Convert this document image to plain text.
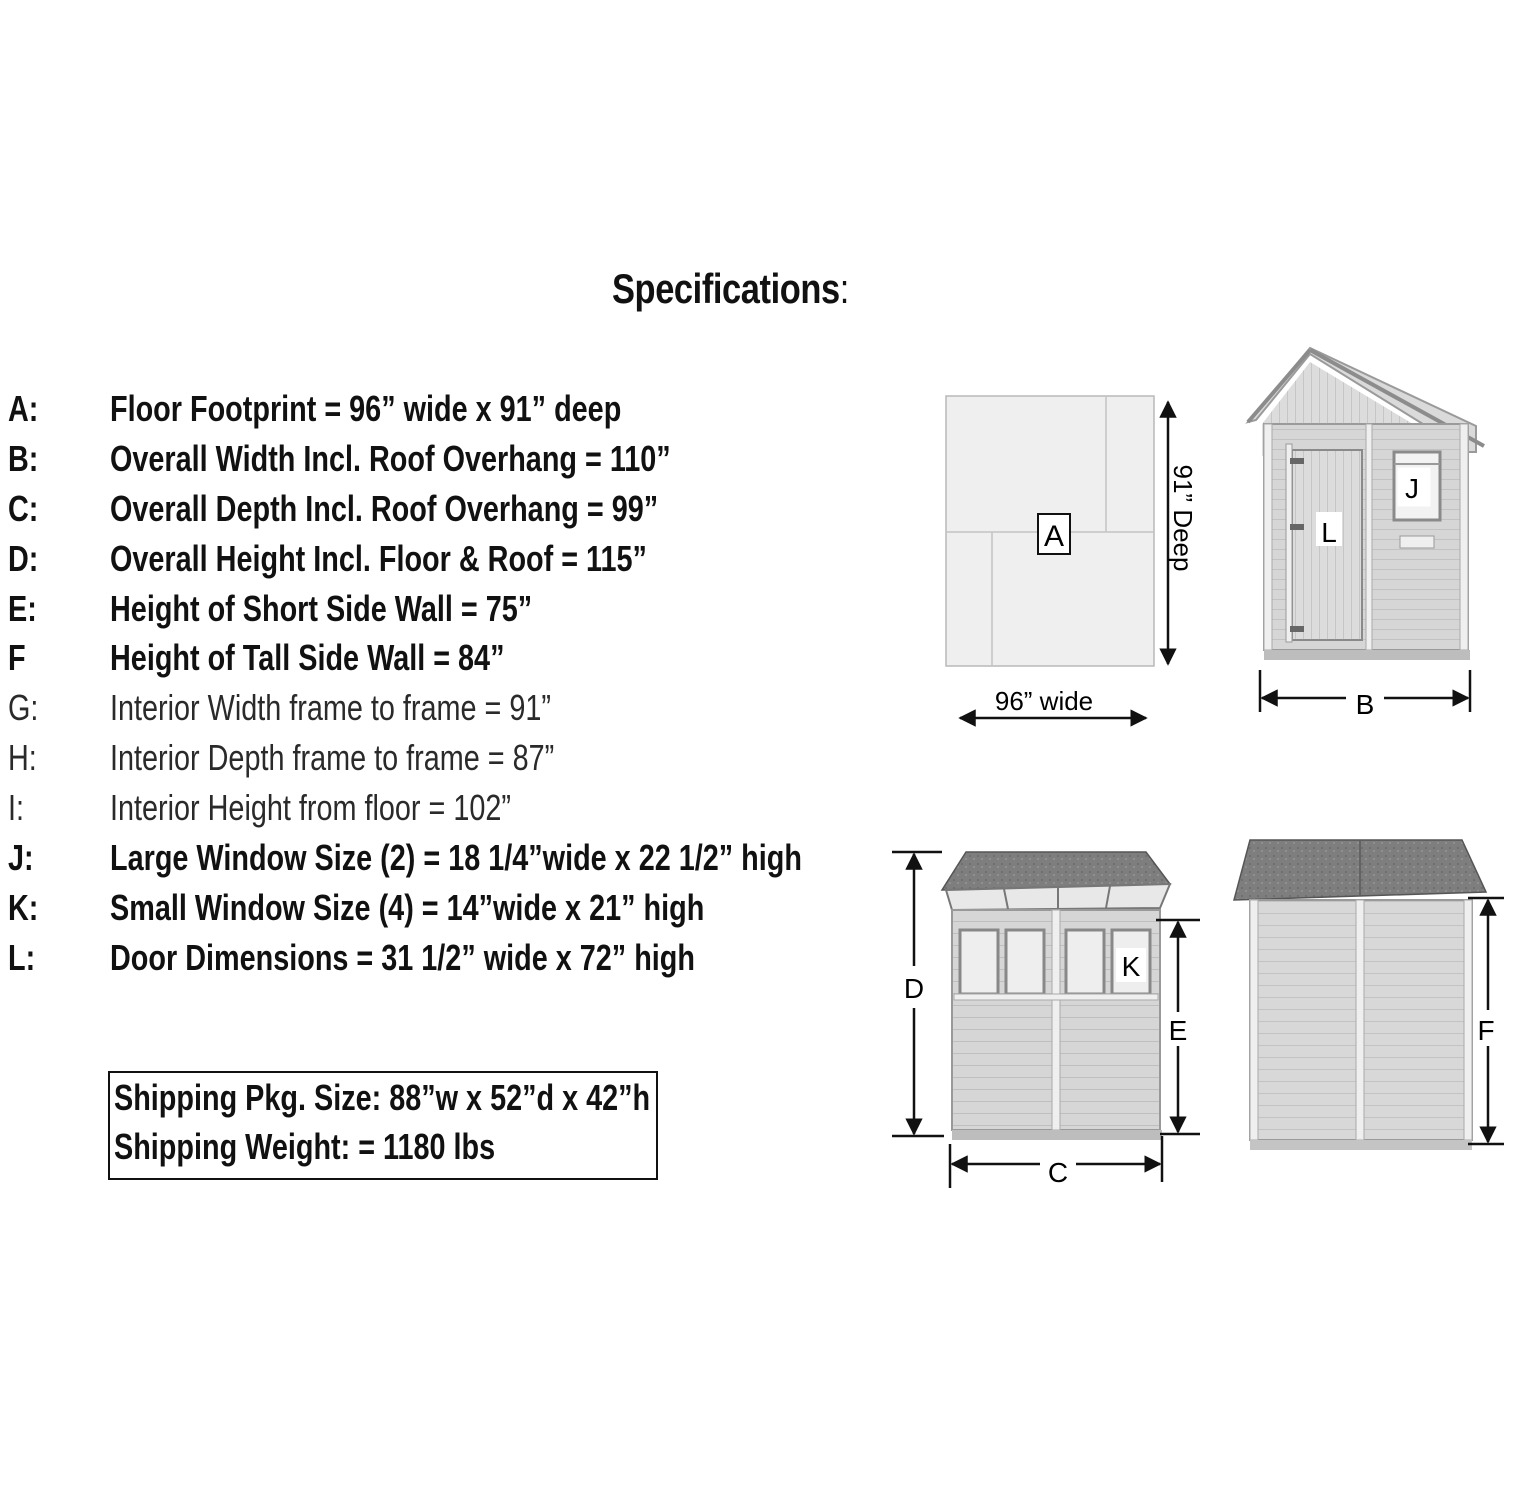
Specifications:
A: Floor Footprint = 96” wide x 91” deep
B: Overall Width Incl. Roof Overhang = 110”
C: Overall Depth Incl. Roof Overhang = 99”
D: Overall Height Incl. Floor & Roof = 115”
E: Height of Short Side Wall = 75”
F Height of Tall Side Wall = 84”
G: Interior Width frame to frame = 91”
H: Interior Depth frame to frame = 87”
I: Interior Height from floor = 102”
J: Large Window Size (2) = 18 1/4”wide x 22 1/2” high
K: Small Window Size (4) = 14”wide x 21” high
L: Door Dimensions = 31 1/2” wide x 72” high
Shipping Pkg. Size: 88”w x 52”d x 42”h
Shipping Weight: = 1180 lbs
A	91” Deep
96” wide
J
L
B
K
D
E
C
F
